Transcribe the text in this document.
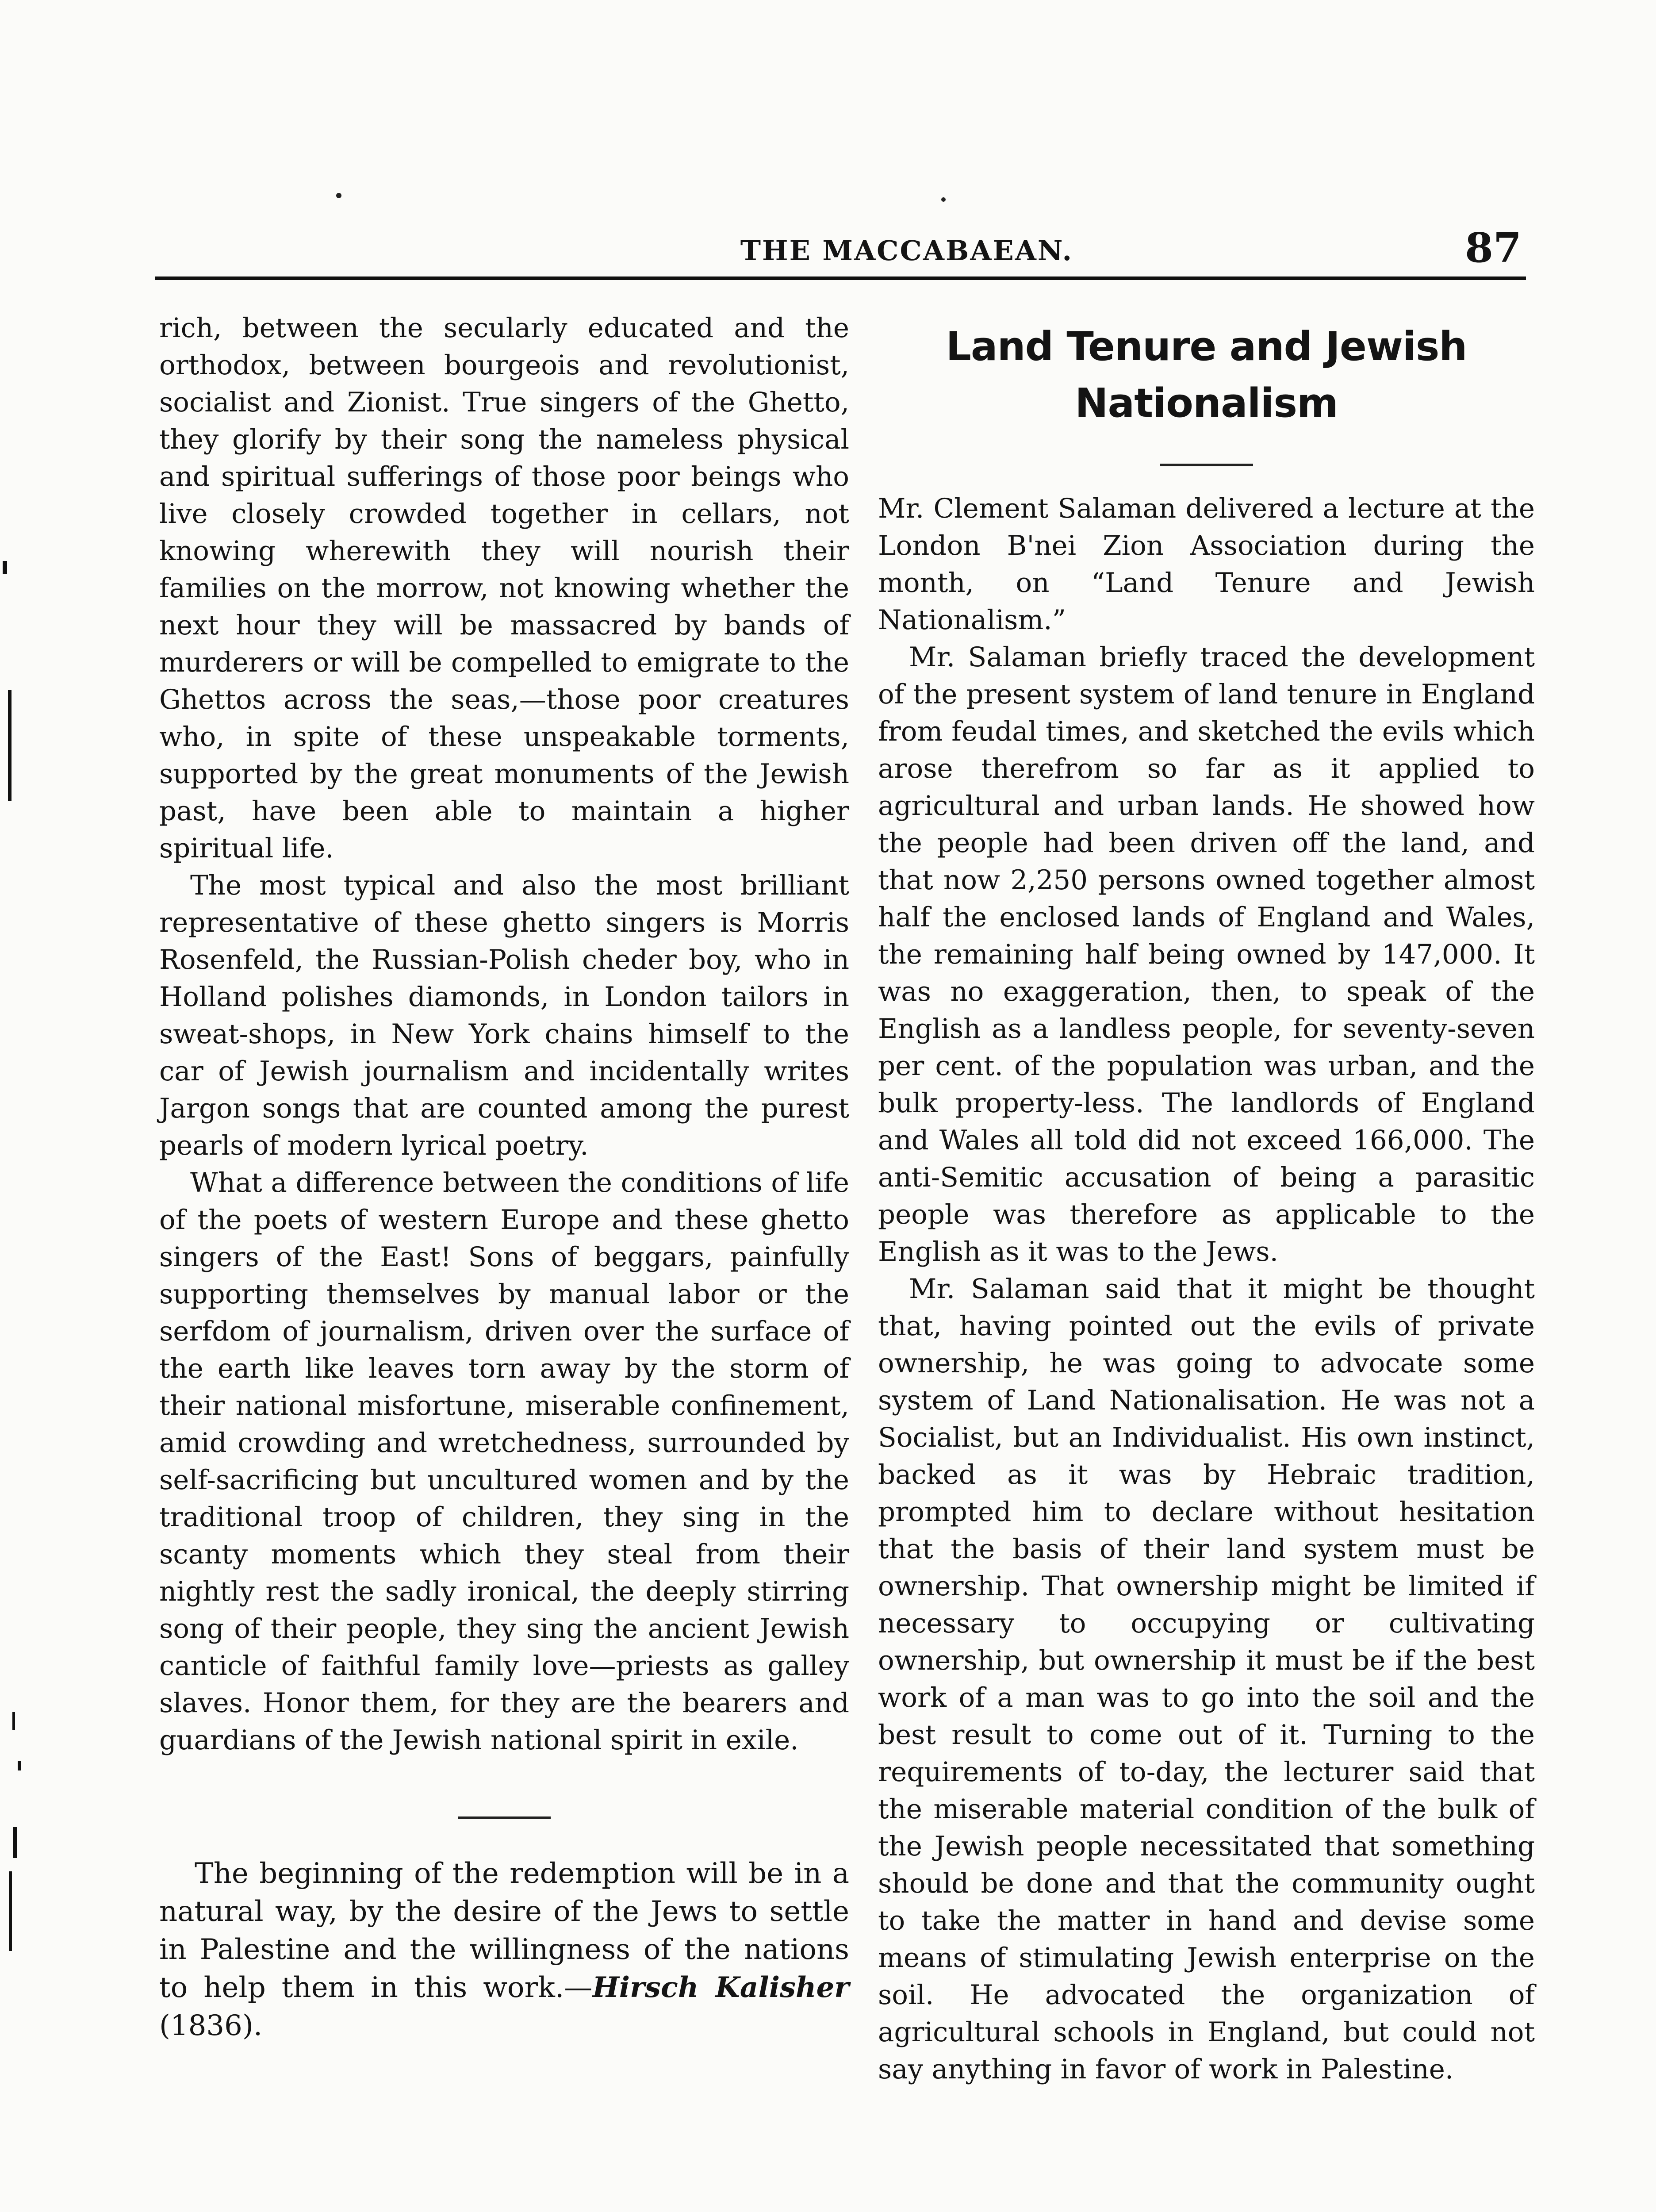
THE MACCABAEAN.	87

rich, between the secularly educated and the orthodox, between bourgeois and revolutionist, socialist and Zionist. True singers of the Ghetto, they glorify by their song the nameless physical and spiritual sufferings of those poor beings who live closely crowded together in cellars, not knowing wherewith they will nourish their families on the morrow, not knowing whether the next hour they will be massacred by bands of murderers or will be compelled to emigrate to the Ghettos across the seas,—those poor creatures who, in spite of these unspeakable torments, supported by the great monuments of the Jewish past, have been able to maintain a higher spiritual life.

The most typical and also the most brilliant representative of these ghetto singers is Morris Rosenfeld, the Russian-Polish cheder boy, who in Holland polishes diamonds, in London tailors in sweat-shops, in New York chains himself to the car of Jewish journalism and incidentally writes Jargon songs that are counted among the purest pearls of modern lyrical poetry.

What a difference between the conditions of life of the poets of western Europe and these ghetto singers of the East! Sons of beggars, painfully supporting themselves by manual labor or the serfdom of journalism, driven over the surface of the earth like leaves torn away by the storm of their national misfortune, miserable confinement, amid crowding and wretchedness, surrounded by self-sacrificing but uncultured women and by the traditional troop of children, they sing in the scanty moments which they steal from their nightly rest the sadly ironical, the deeply stirring song of their people, they sing the ancient Jewish canticle of faithful family love—priests as galley slaves. Honor them, for they are the bearers and guardians of the Jewish national spirit in exile.

The beginning of the redemption will be in a natural way, by the desire of the Jews to settle in Palestine and the willingness of the nations to help them in this work.—Hirsch Kalisher (1836).

Land Tenure and Jewish Nationalism

Mr. Clement Salaman delivered a lecture at the London B'nei Zion Association during the month, on “Land Tenure and Jewish Nationalism.”

Mr. Salaman briefly traced the development of the present system of land tenure in England from feudal times, and sketched the evils which arose therefrom so far as it applied to agricultural and urban lands. He showed how the people had been driven off the land, and that now 2,250 persons owned together almost half the enclosed lands of England and Wales, the remaining half being owned by 147,000. It was no exaggeration, then, to speak of the English as a landless people, for seventy-seven per cent. of the population was urban, and the bulk property-less. The landlords of England and Wales all told did not exceed 166,000. The anti-Semitic accusation of being a parasitic people was therefore as applicable to the English as it was to the Jews.

Mr. Salaman said that it might be thought that, having pointed out the evils of private ownership, he was going to advocate some system of Land Nationalisation. He was not a Socialist, but an Individualist. His own instinct, backed as it was by Hebraic tradition, prompted him to declare without hesitation that the basis of their land system must be ownership. That ownership might be limited if necessary to occupying or cultivating ownership, but ownership it must be if the best work of a man was to go into the soil and the best result to come out of it. Turning to the requirements of to-day, the lecturer said that the miserable material condition of the bulk of the Jewish people necessitated that something should be done and that the community ought to take the matter in hand and devise some means of stimulating Jewish enterprise on the soil. He advocated the organization of agricultural schools in England, but could not say anything in favor of work in Palestine.
